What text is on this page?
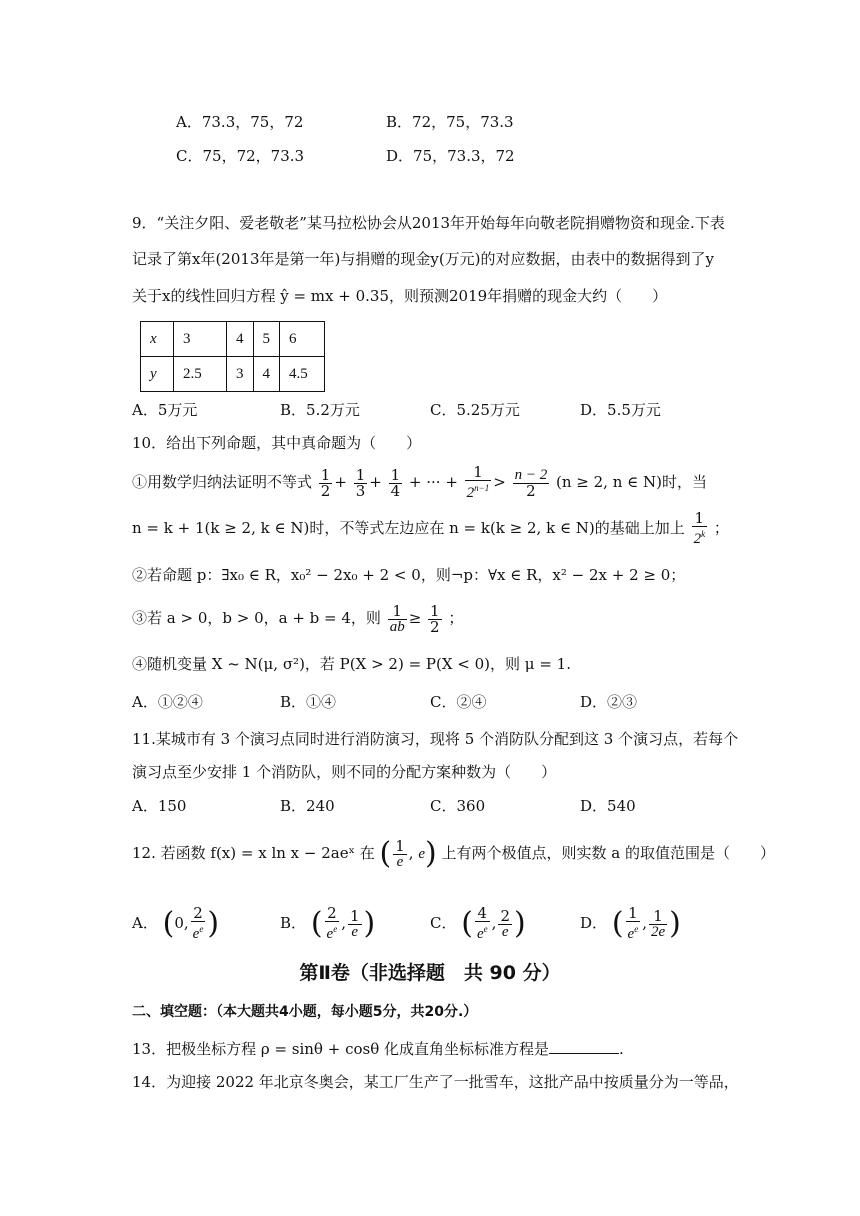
A．73.3，75，72	B．72，75，73.3
C．75，72，73.3	D．75，73.3，72
9．“关注夕阳、爱老敬老”某马拉松协会从2013年开始每年向敬老院捐赠物资和现金.下表
记录了第x年(2013年是第一年)与捐赠的现金y(万元)的对应数据，由表中的数据得到了y
关于x的线性回归方程 ŷ = mx + 0.35，则预测2019年捐赠的现金大约（　　）
x	3	4	5	6
y	2.5	3	4	4.5
A．5万元	B．5.2万元	C．5.25万元	D．5.5万元
10．给出下列命题，其中真命题为（　　）
①用数学归纳法证明不等式 $\frac{1}{2} + \frac{1}{3} + \frac{1}{4}$ + ··· + $\frac{1}{2^{n-1}} > \frac{n - 2}{2} (n \ge 2$, n ∈ N)时，当
n = k + 1(k ≥ 2, k ∈ N)时，不等式左边应在 n = k(k ≥ 2, k ∈ N)的基础上加上 $\frac{1}{2^k}$ ；
②若命题 p：∃x₀ ∈ R，x₀² − 2x₀ + 2 < 0，则¬p：∀x ∈ R，x² − 2x + 2 ≥ 0；
③若 a > 0，b > 0，a + b = 4，则 $\frac{1}{ab} \ge \frac{1}{2}$ ；
④随机变量 X ~ N(μ, σ²)，若 P(X > 2) = P(X < 0)，则 μ = 1.
A．①②④	B．①④	C．②④	D．②③
11.某城市有 3 个演习点同时进行消防演习，现将 5 个消防队分配到这 3 个演习点，若每个
演习点至少安排 1 个消防队，则不同的分配方案种数为（　　）
A．150	B．240	C．360	D．540
12. 若函数 f(x) = x ln x − 2aeˣ 在 ( $\frac{1}{e}$ , e) 上有两个极值点，则实数 a 的取值范围是（　　）
A． (0, $\frac{2}{e^e}$ )	B． ( $\frac{2}{e^e}$ , $\frac{1}{e}$ )	C． ( $\frac{4}{e^e}$ , $\frac{2}{e}$ )	D． ( $\frac{1}{e^e}$ , $\frac{1}{2e}$ )
第Ⅱ卷（非选择题　共 90 分）
二、填空题：（本大题共4小题，每小题5分，共20分.）
13．把极坐标方程 ρ = sinθ + cosθ 化成直角坐标标准方程是	.
14．为迎接 2022 年北京冬奥会，某工厂生产了一批雪车，这批产品中按质量分为一等品，
